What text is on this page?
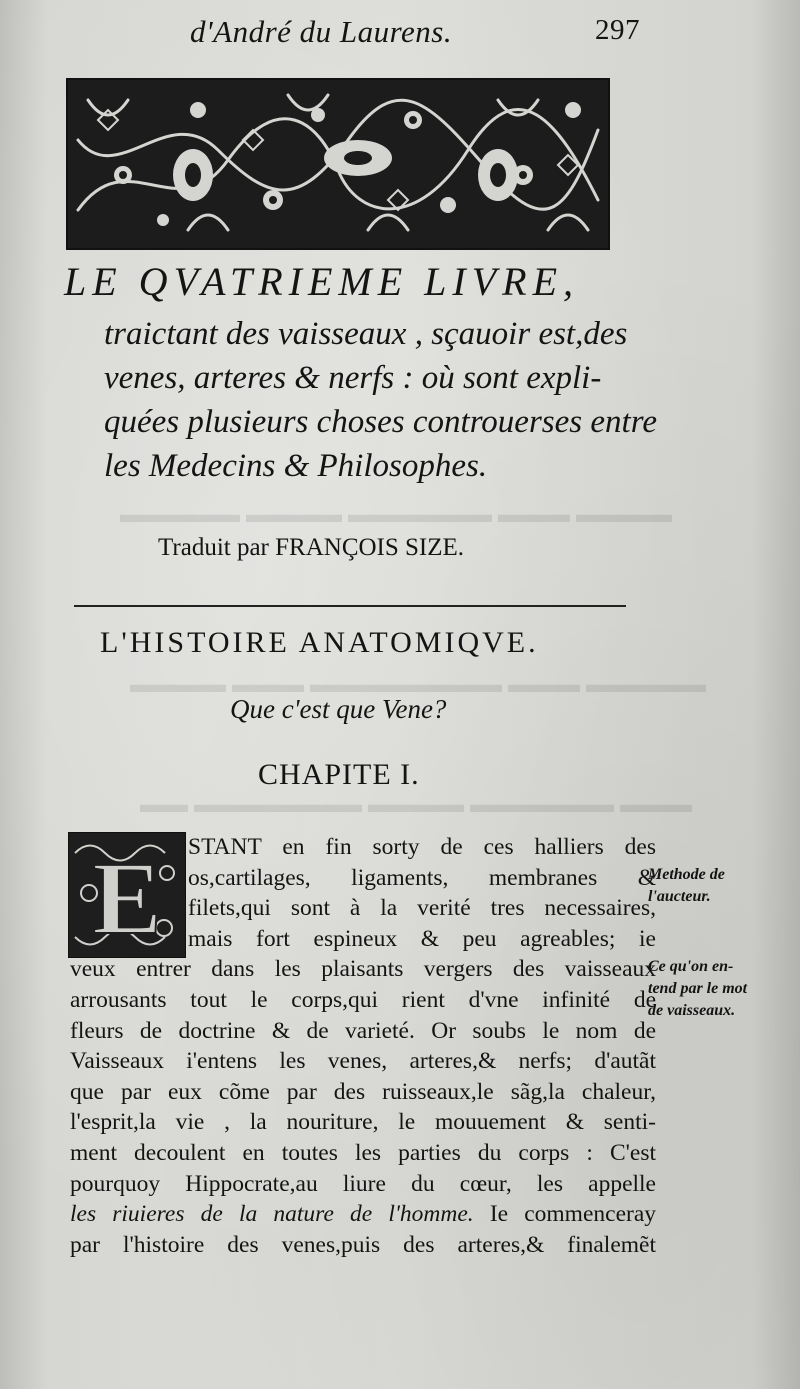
▬▬▬▬ ▬▬▬ ▬▬▬▬▬▬ ▬▬▬▬ ▬▬▬▬▬
▬▬▬▬▬ ▬▬▬ ▬▬▬▬▬▬▬▬ ▬▬▬ ▬▬▬▬
▬▬▬ ▬▬▬▬▬▬ ▬▬▬▬ ▬▬▬▬▬▬▬ ▬▬
d'André du Laurens.	297
LE QVATRIEME LIVRE,
traictant des vaisseaux , sçauoir est,des
venes, arteres & nerfs : où sont expli-
quées plusieurs choses controuerses entre
les Medecins & Philosophes.
Traduit par FRANÇOIS SIZE.
L'HISTOIRE ANATOMIQVE.
Que c'est que Vene?
CHAPITE I.
E	STANT en fin sorty de ces halliers des
os,cartilages, ligaments, membranes &
filets,qui sont à la verité tres necessaires,
mais fort espineux & peu agreables; ie
veux entrer dans les plaisants vergers des vaisseaux
arrousants tout le corps,qui rient d'vne infinité de
fleurs de doctrine & de varieté. Or soubs le nom de
Vaisseaux i'entens les venes, arteres,& nerfs; d'autãt
que par eux cõme par des ruisseaux,le sãg,la chaleur,
l'esprit,la vie , la nouriture, le mouuement & senti-
ment decoulent en toutes les parties du corps : C'est
pourquoy Hippocrate,au liure du cœur, les appelle
les riuieres de la nature de l'homme. Ie commenceray
par l'histoire des venes,puis des arteres,& finalemẽt
Methode de
l'aucteur.
Ce qu'on en-
tend par le mot
de vaisseaux.
